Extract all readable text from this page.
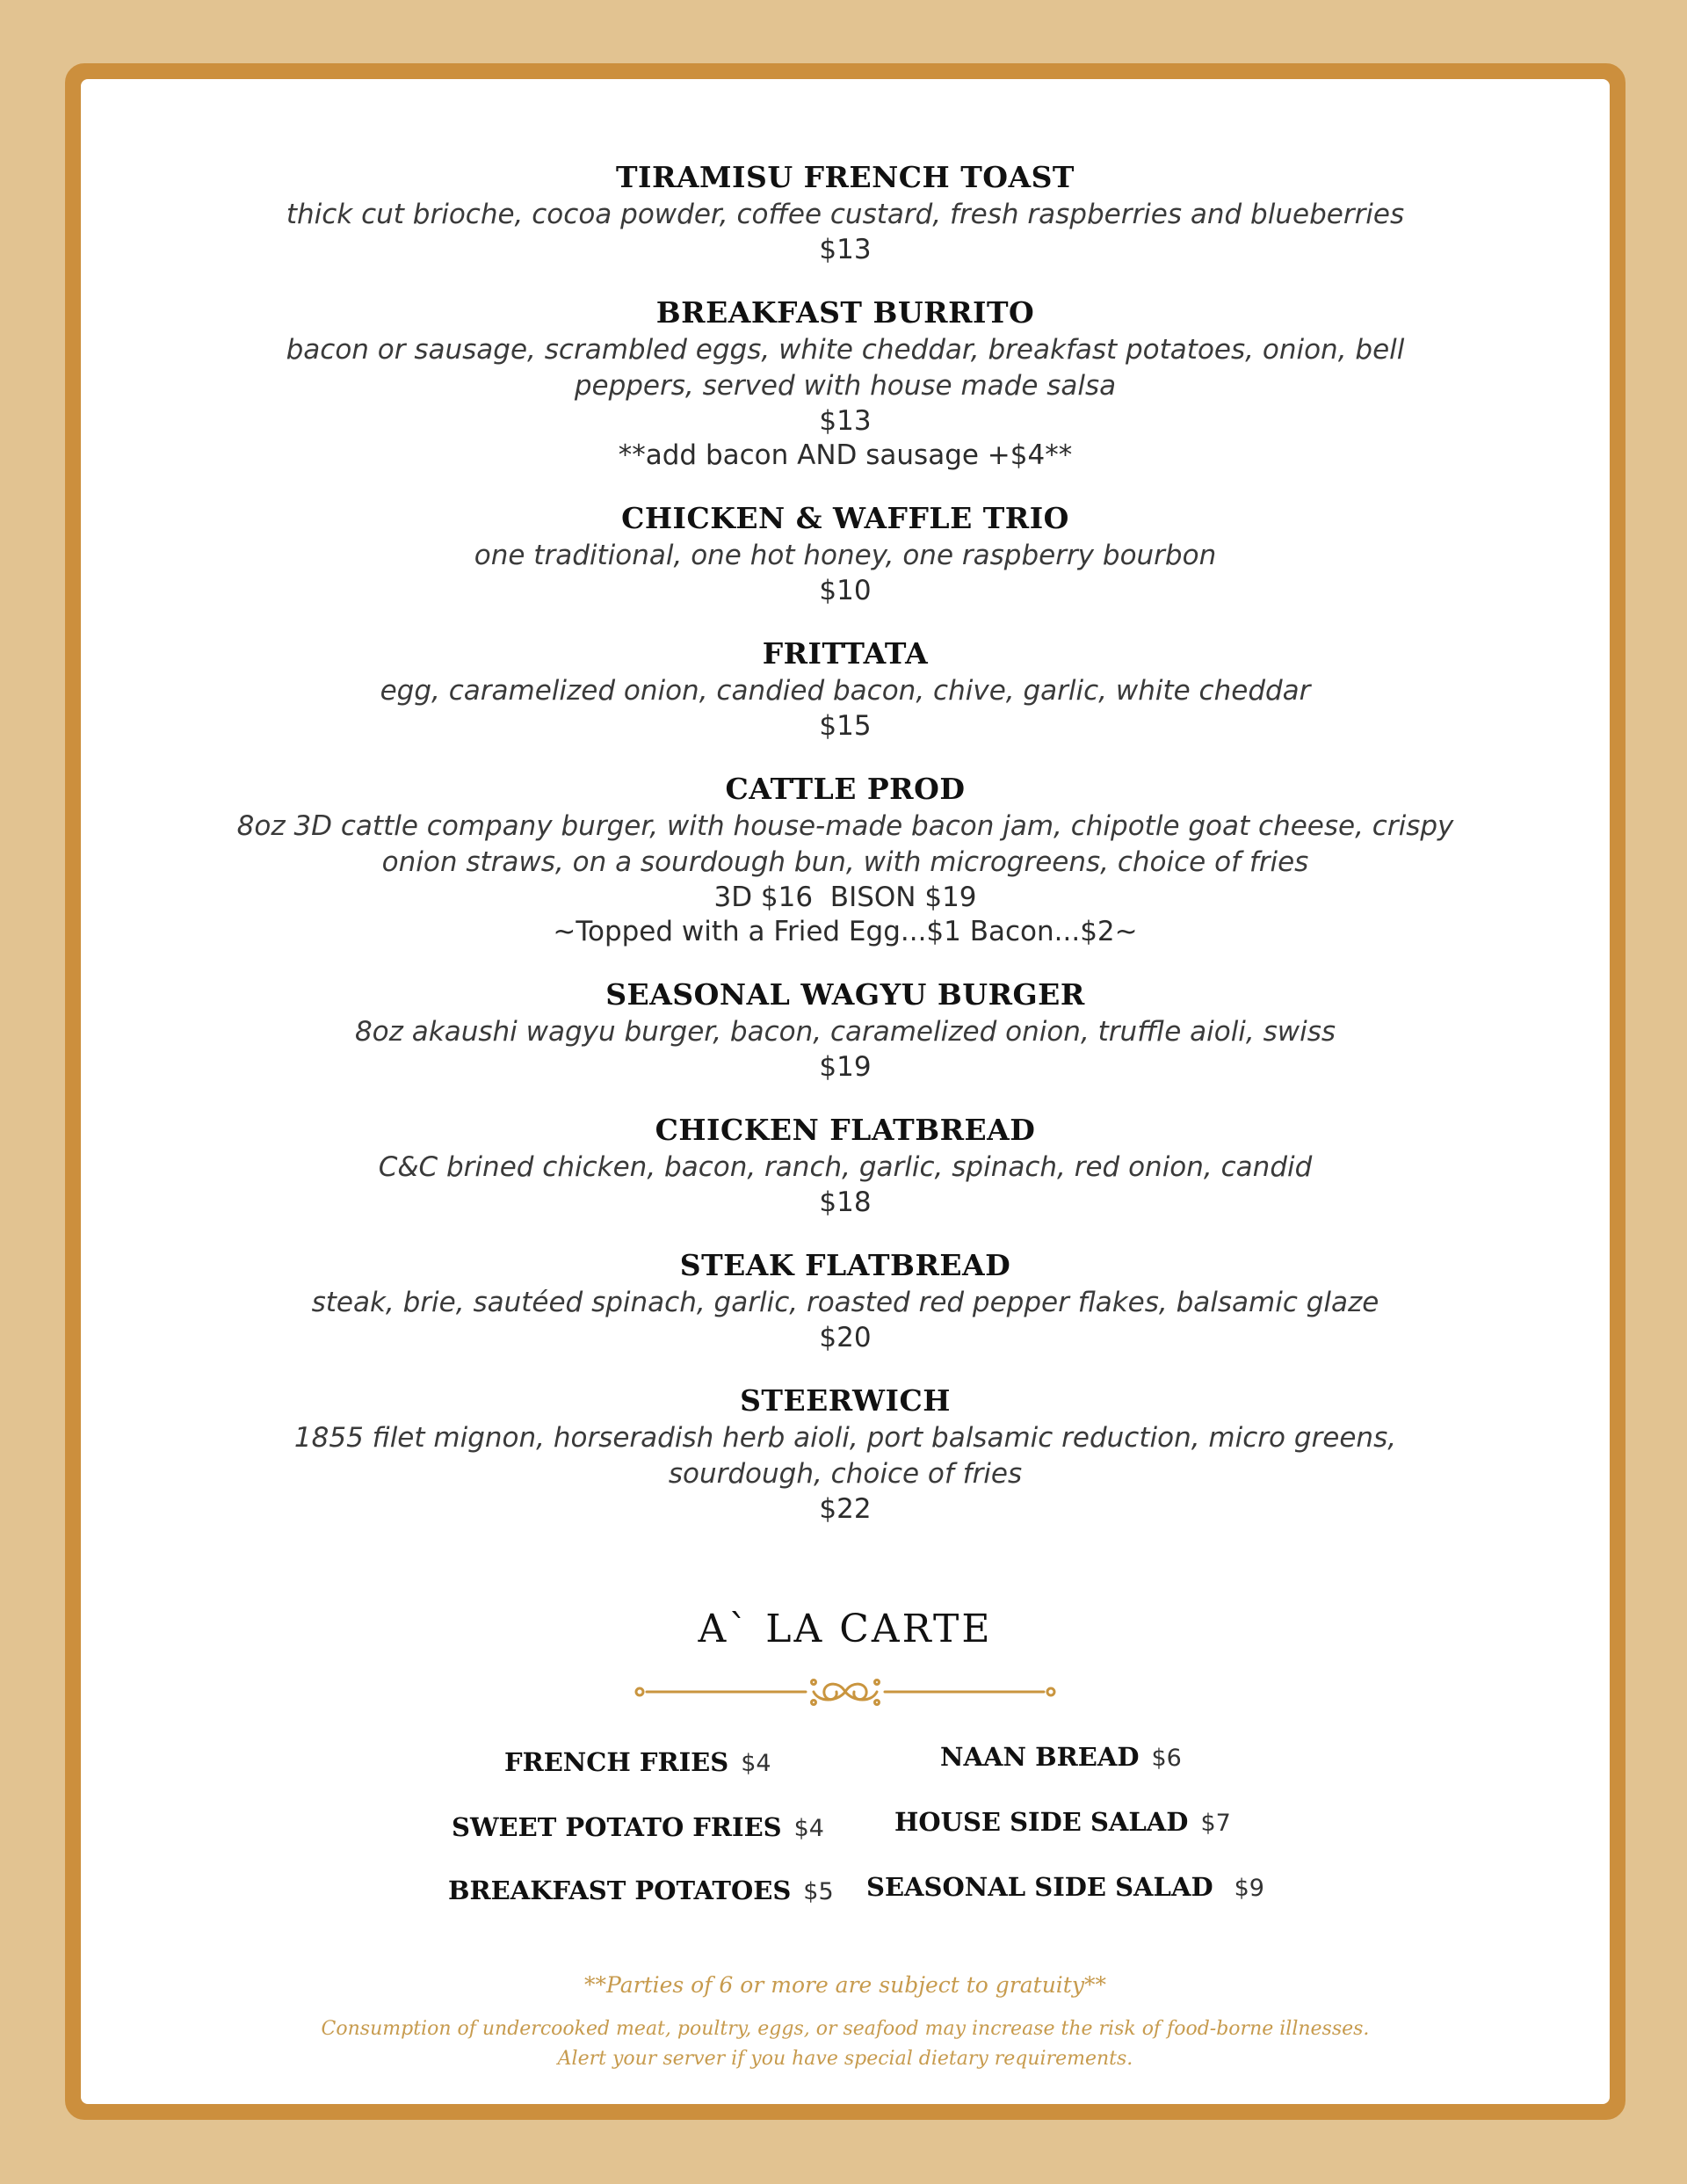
TIRAMISU FRENCH TOAST
thick cut brioche, cocoa powder, coffee custard, fresh raspberries and blueberries
$13
BREAKFAST BURRITO
bacon or sausage, scrambled eggs, white cheddar, breakfast potatoes, onion, bell peppers, served with house made salsa
$13
**add bacon AND sausage +$4**
CHICKEN & WAFFLE TRIO
one traditional, one hot honey, one raspberry bourbon
$10
FRITTATA
egg, caramelized onion, candied bacon, chive, garlic, white cheddar
$15
CATTLE PROD
8oz 3D cattle company burger, with house-made bacon jam, chipotle goat cheese, crispy onion straws, on a sourdough bun, with microgreens, choice of fries
3D $16  BISON $19
~Topped with a Fried Egg...$1 Bacon...$2~
SEASONAL WAGYU BURGER
8oz akaushi wagyu burger, bacon, caramelized onion, truffle aioli, swiss
$19
CHICKEN FLATBREAD
C&C brined chicken, bacon, ranch, garlic, spinach, red onion, candid
$18
STEAK FLATBREAD
steak, brie, sautéed spinach, garlic, roasted red pepper flakes, balsamic glaze
$20
STEERWICH
1855 filet mignon, horseradish herb aioli, port balsamic reduction, micro greens, sourdough, choice of fries
$22
A` LA CARTE
FRENCH FRIES $4
SWEET POTATO FRIES $4
BREAKFAST POTATOES $5
NAAN BREAD $6
HOUSE SIDE SALAD $7
SEASONAL SIDE SALAD $9
**Parties of 6 or more are subject to gratuity**
Consumption of undercooked meat, poultry, eggs, or seafood may increase the risk of food-borne illnesses.
Alert your server if you have special dietary requirements.
